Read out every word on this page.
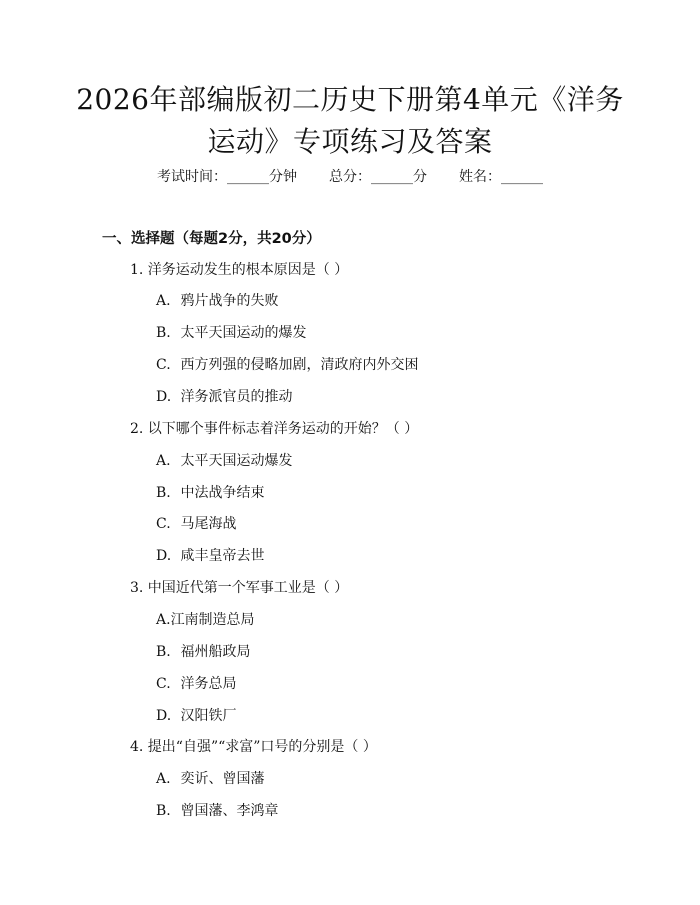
2026年部编版初二历史下册第4单元《洋务
运动》专项练习及答案
考试时间：______分钟 总分：______分 姓名：______
一、选择题（每题2分，共20分）
1. 洋务运动发生的根本原因是（ ）
A. 鸦片战争的失败
B. 太平天国运动的爆发
C. 西方列强的侵略加剧，清政府内外交困
D. 洋务派官员的推动
2. 以下哪个事件标志着洋务运动的开始？（ ）
A. 太平天国运动爆发
B. 中法战争结束
C. 马尾海战
D. 咸丰皇帝去世
3. 中国近代第一个军事工业是（ ）
A.江南制造总局
B. 福州船政局
C. 洋务总局
D. 汉阳铁厂
4. 提出“自强”“求富”口号的分别是（ ）
A. 奕䜣、曾国藩
B. 曾国藩、李鸿章
